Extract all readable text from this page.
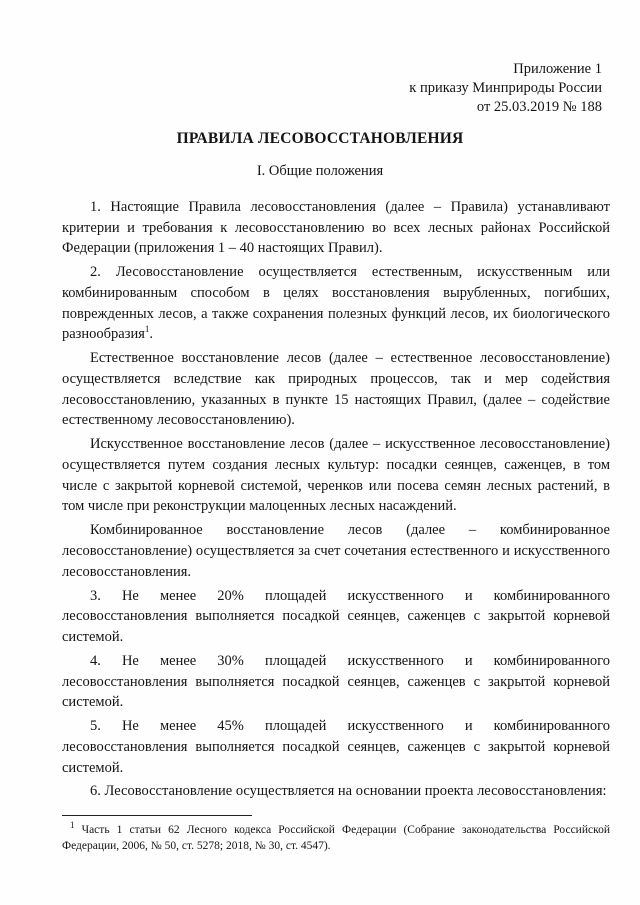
Приложение 1
к приказу Минприроды России
от 25.03.2019 № 188
ПРАВИЛА ЛЕСОВОССТАНОВЛЕНИЯ
I. Общие положения

1. Настоящие Правила лесовосстановления (далее – Правила) устанавливают критерии и требования к лесовосстановлению во всех лесных районах Российской Федерации (приложения 1 – 40 настоящих Правил).

2. Лесовосстановление осуществляется естественным, искусственным или комбинированным способом в целях восстановления вырубленных, погибших, поврежденных лесов, а также сохранения полезных функций лесов, их биологического разнообразия$^1$.

Естественное восстановление лесов (далее – естественное лесовосстановление) осуществляется вследствие как природных процессов, так и мер содействия лесовосстановлению, указанных в пункте 15 настоящих Правил, (далее – содействие естественному лесовосстановлению).

Искусственное восстановление лесов (далее – искусственное лесовосстановление) осуществляется путем создания лесных культур: посадки сеянцев, саженцев, в том числе с закрытой корневой системой, черенков или посева семян лесных растений, в том числе при реконструкции малоценных лесных насаждений.

Комбинированное восстановление лесов (далее – комбинированное лесовосстановление) осуществляется за счет сочетания естественного и искусственного лесовосстановления.

3. Не менее 20% площадей искусственного и комбинированного лесовосстановления выполняется посадкой сеянцев, саженцев с закрытой корневой системой.

4. Не менее 30% площадей искусственного и комбинированного лесовосстановления выполняется посадкой сеянцев, саженцев с закрытой корневой системой.

5. Не менее 45% площадей искусственного и комбинированного лесовосстановления выполняется посадкой сеянцев, саженцев с закрытой корневой системой.

6. Лесовосстановление осуществляется на основании проекта лесовосстановления:

$^1$ Часть 1 статьи 62 Лесного кодекса Российской Федерации (Собрание законодательства Российской Федерации, 2006, № 50, ст. 5278; 2018, № 30, ст. 4547).
